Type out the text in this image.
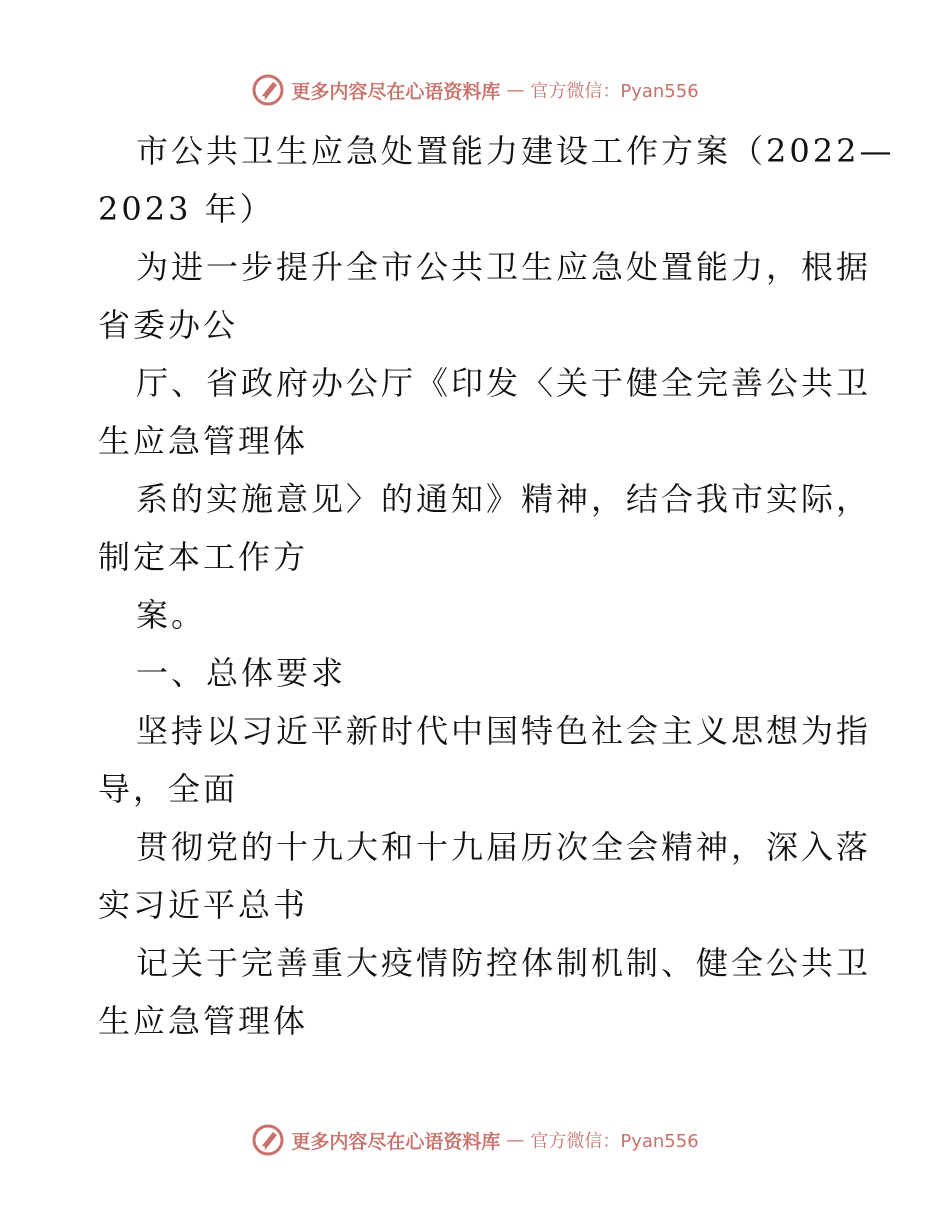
更多内容尽在心语资料库 — 官方微信：Pyan556
市公共卫生应急处置能力建设工作方案（2022—
2023 年）
为进一步提升全市公共卫生应急处置能力，根据
省委办公
厅、省政府办公厅《印发〈关于健全完善公共卫
生应急管理体
系的实施意见〉的通知》精神，结合我市实际，
制定本工作方
案。
一、总体要求
坚持以习近平新时代中国特色社会主义思想为指
导，全面
贯彻党的十九大和十九届历次全会精神，深入落
实习近平总书
记关于完善重大疫情防控体制机制、健全公共卫
生应急管理体
更多内容尽在心语资料库 — 官方微信：Pyan556
